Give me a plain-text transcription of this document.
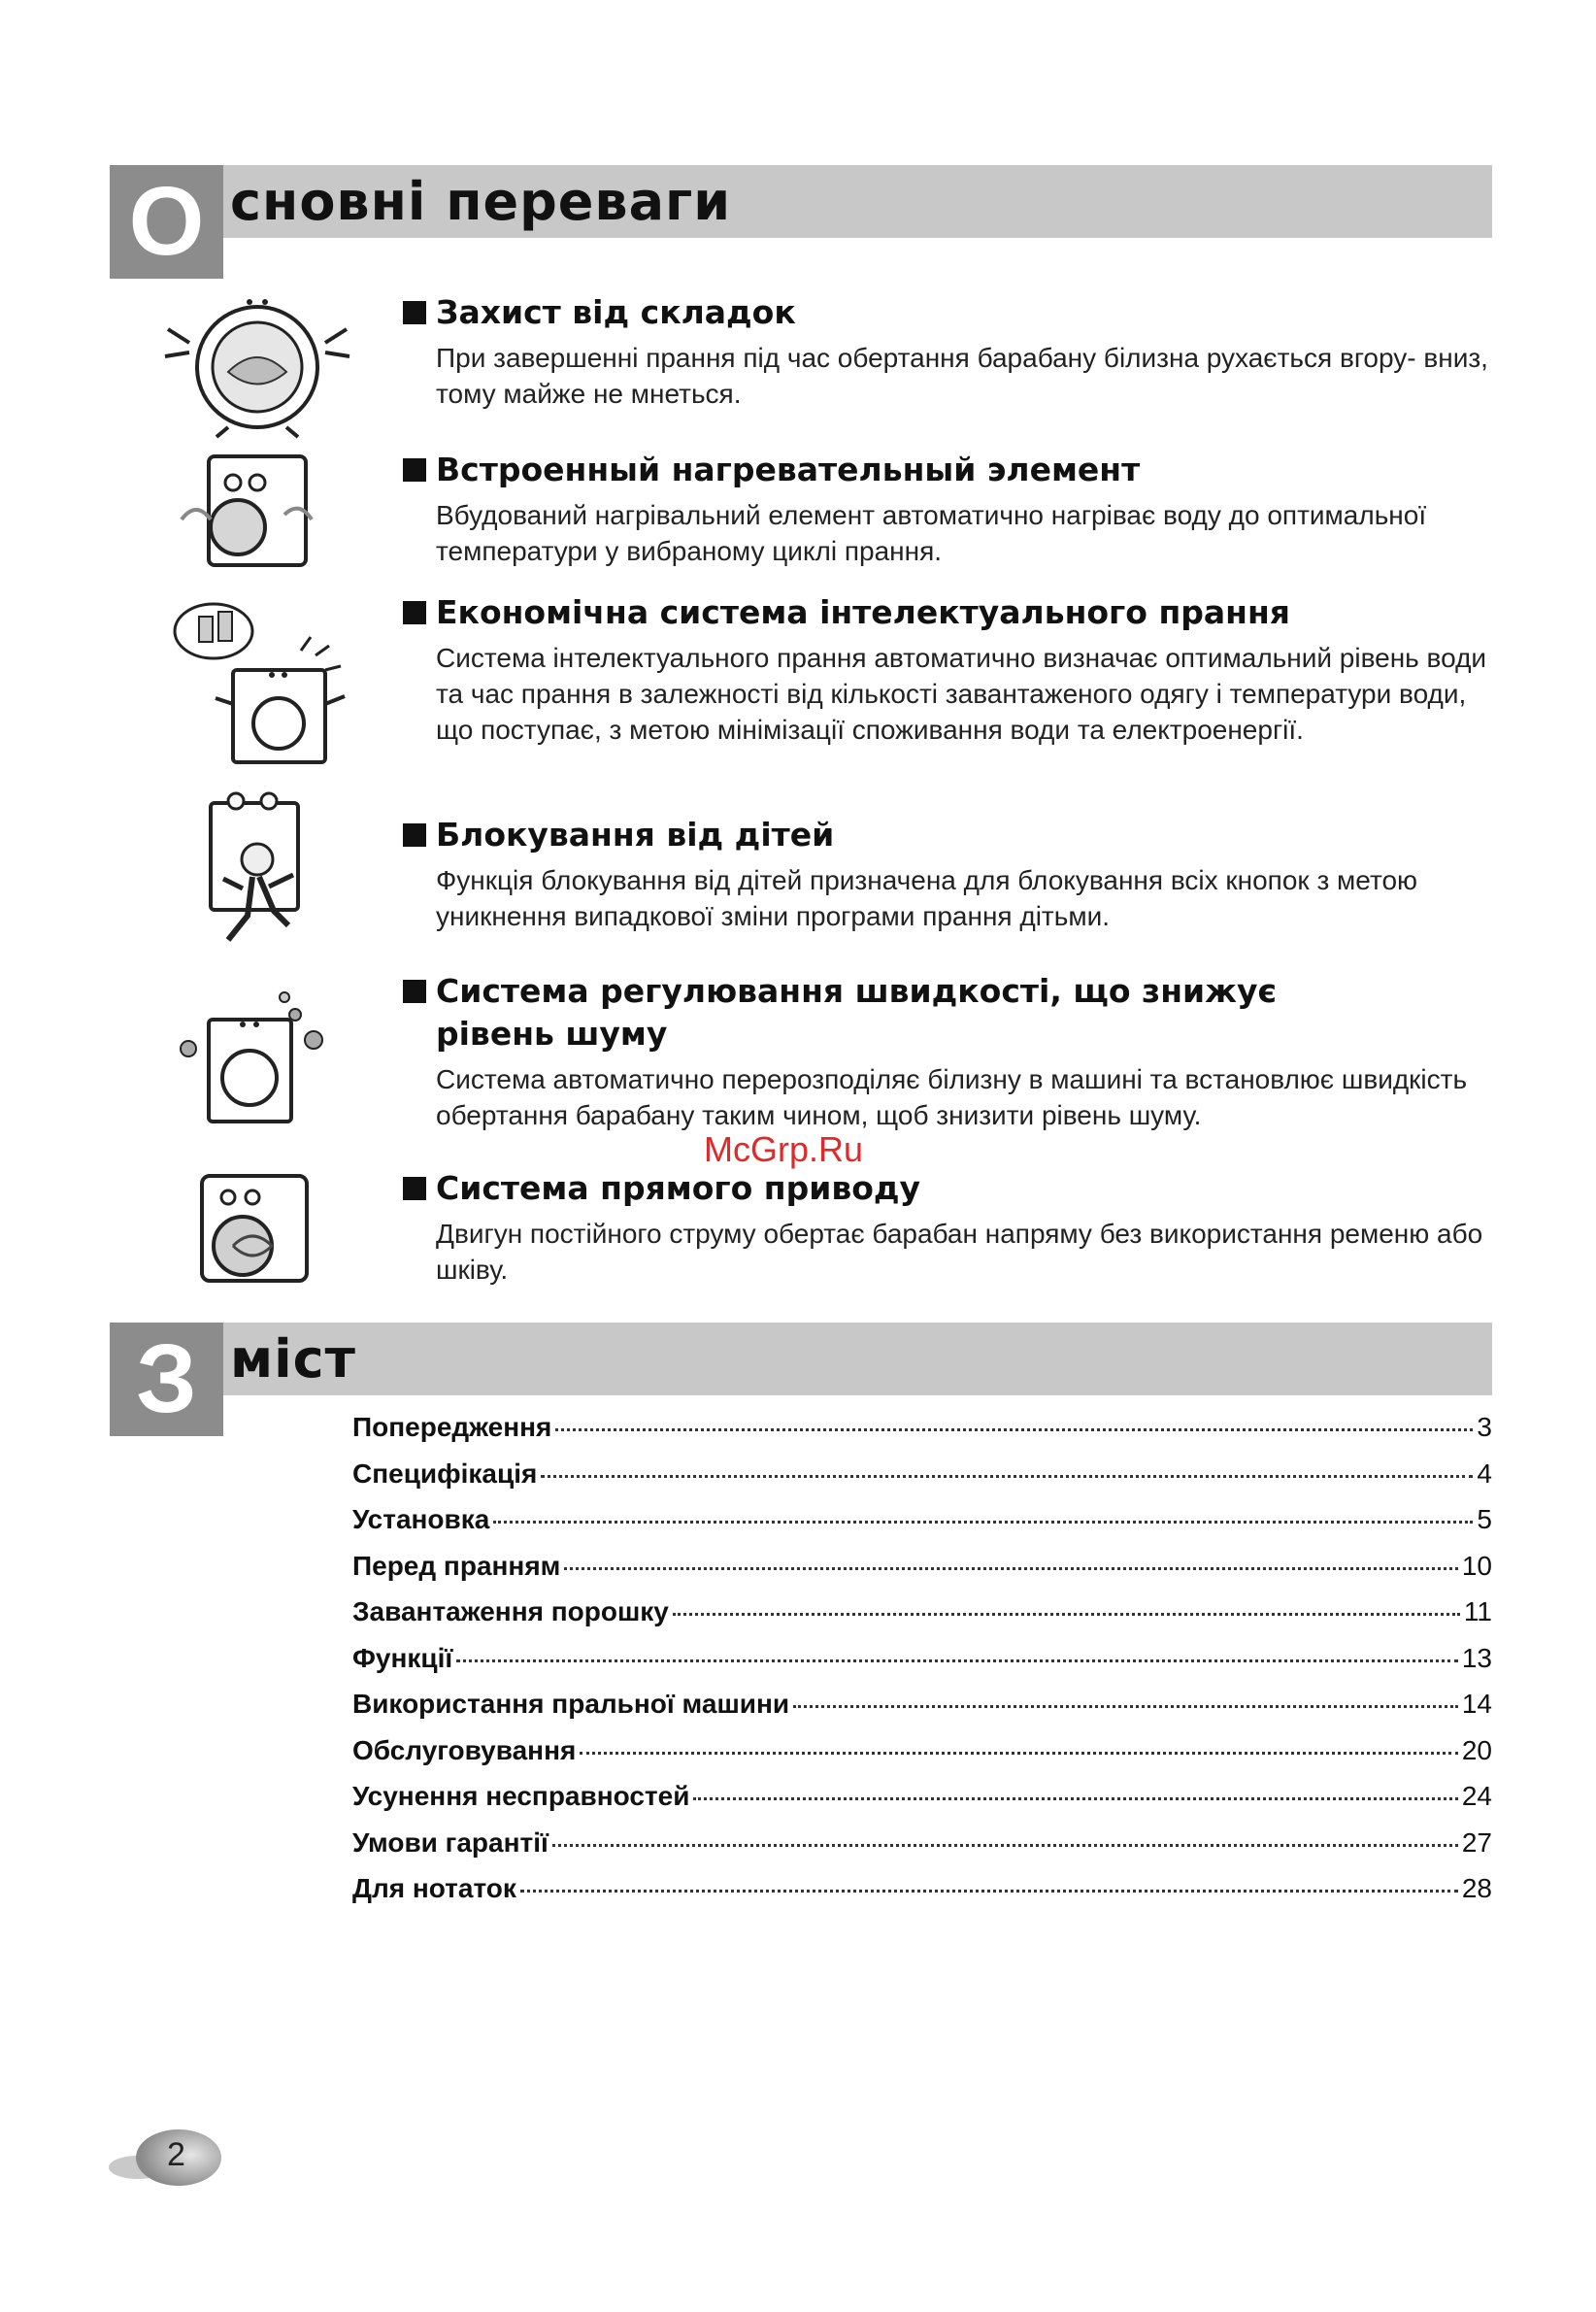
О сновні переваги
Захист від складок

При завершенні прання під час обертання барабану білизна рухається вгору- вниз, тому майже не мнеться.

Встроенный нагревательный элемент

Вбудований нагрівальний елемент автоматично нагріває воду до оптимальної температури у вибраному циклі прання.

Економічна система інтелектуального прання

Система інтелектуального прання автоматично визначає оптимальний рівень води та час прання в залежності від кількості завантаженого одягу і температури води, що поступає, з метою мінімізації споживання води та електроенергії.

Блокування від дітей

Функція блокування від дітей призначена для блокування всіх кнопок з метою уникнення випадкової зміни програми прання дітьми.

Система регулювання швидкості, що знижує рівень шуму

Система автоматично перерозподіляє білизну в машині та встановлює швидкість обертання барабану таким чином, щоб знизити рівень шуму.

Система прямого приводу

Двигун постійного струму обертає барабан напряму без використання ременю або шківу.

McGrp.Ru
З міст
Попередження	3
Специфікація	4
Установка	5
Перед пранням	10
Завантаження порошку	11
Функції	13
Використання пральної машини	14
Обслуговування	20
Усунення несправностей	24
Умови гарантії	27
Для нотаток	28
2
